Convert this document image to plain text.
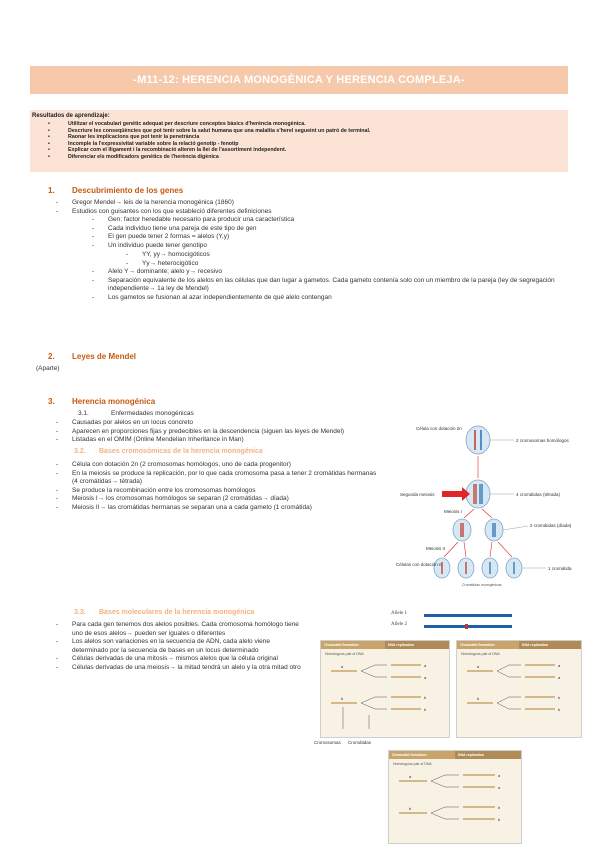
-M11-12: HERENCIA MONOGÈNICA Y HERENCIA COMPLEJA-
Resultados de aprendizaje:
• Utilitzar el vocabulari genètic adequat per descriure conceptes bàsics d'herència monogènica.
• Descriure les conseqüències que pot tenir sobre la salut humana que una malaltia s'herel segueint un patró de terminal.
• Raonar les implicacions que pot tenir la penetrància
• Incomple la l'expressivitat variable sobre la relació genotip - fenotip
• Explicar com el lligament i la recombinació alteren la llei de l'assortiment independent.
• Diferenciar els modificadors genètics de l'herència digènica
1. Descubrimiento de los genes
- Gregor Mendel→ leis de la herencia monogénica (1860)
- Estudios con guisantes con los que estableció diferentes definiciones
- Gen: factor heredable necesario para producir una característica
- Cada individuo tiene una pareja de este tipo de gen
- El gen puede tener 2 formas = alelos (Y,y)
- Un individuo puede tener genotipo
- YY, yy→ homocigóticos
- Yy→ heterocigótico
- Alelo Y→ dominante; alelo y→ recesivo
- Separación equivalente de los alelos en las células que dan lugar a gametos. Cada gameto contenía solo con un miembro de la pareja (ley de segregación independiente→ 1a ley de Mendel)
- Los gametos se fusionan al azar independientemente de qué alelo contengan
2. Leyes de Mendel
(Aparte)
3. Herencia monogénica
3.1.	Enfermedades monogénicas
- Causadas por alelos en un locus concreto
- Aparecen en proporciones fijas y predecibles en la descendencia (siguen las leyes de Mendel)
- Listadas en el OMIM (Online Mendelian Inheritance in Man)
3.2. Bases cromosómicas de la herencia monogénica
- Célula con dotación 2n (2 cromosomas homólogos, uno de cada progenitor)
- En la meiosis se produce la replicación, por lo que cada cromosoma pasa a tener 2 cromátidas hermanas (4 cromátidas→ tétrada)
- Se produce la recombinación entre los cromosomas homólogos
- Meiosis I→ los cromosomas homólogos se separan (2 cromátidas→ díada)
- Meiosis II→ las cromátidas hermanas se separan una a cada gameto (1 cromátida)
Célula con dotación 2n
2 cromosomas homólogos
Segunda meiosis	4 cromátidas (tétrada)
Meiosis I
2 cromátidas (díada)
Meiosis II
Células con dotación n
1 cromátida
Cromátidas monogénicas
3.3. Bases moleculares de la herencia monogénica
- Para cada gen tenemos dos alelos posibles. Cada cromosoma homólogo tiene uno de esos alelos→ pueden ser iguales o diferentes
- Los alelos son variaciones en la secuencia de ADN, cada alelo viene determinado por la secuencia de bases en un locus determinado
- Células derivadas de una mitosis→ mismos alelos que la célula original
- Células derivadas de una meiosis→ la mitad tendrá un alelo y la otra mitad otro
Allele 1
Allele 2
Chromatid formation	DNA replication
Homologous pair of DNA
a
b
a
a
b
b
Chromatid formation	DNA replication
Homologous pair of DNA
a
b
a
a
b
b
Cromosomas Cromátidas
Chromatid formation	DNA replication
Homologous pair of DNA
a
b
a
a
b
b
